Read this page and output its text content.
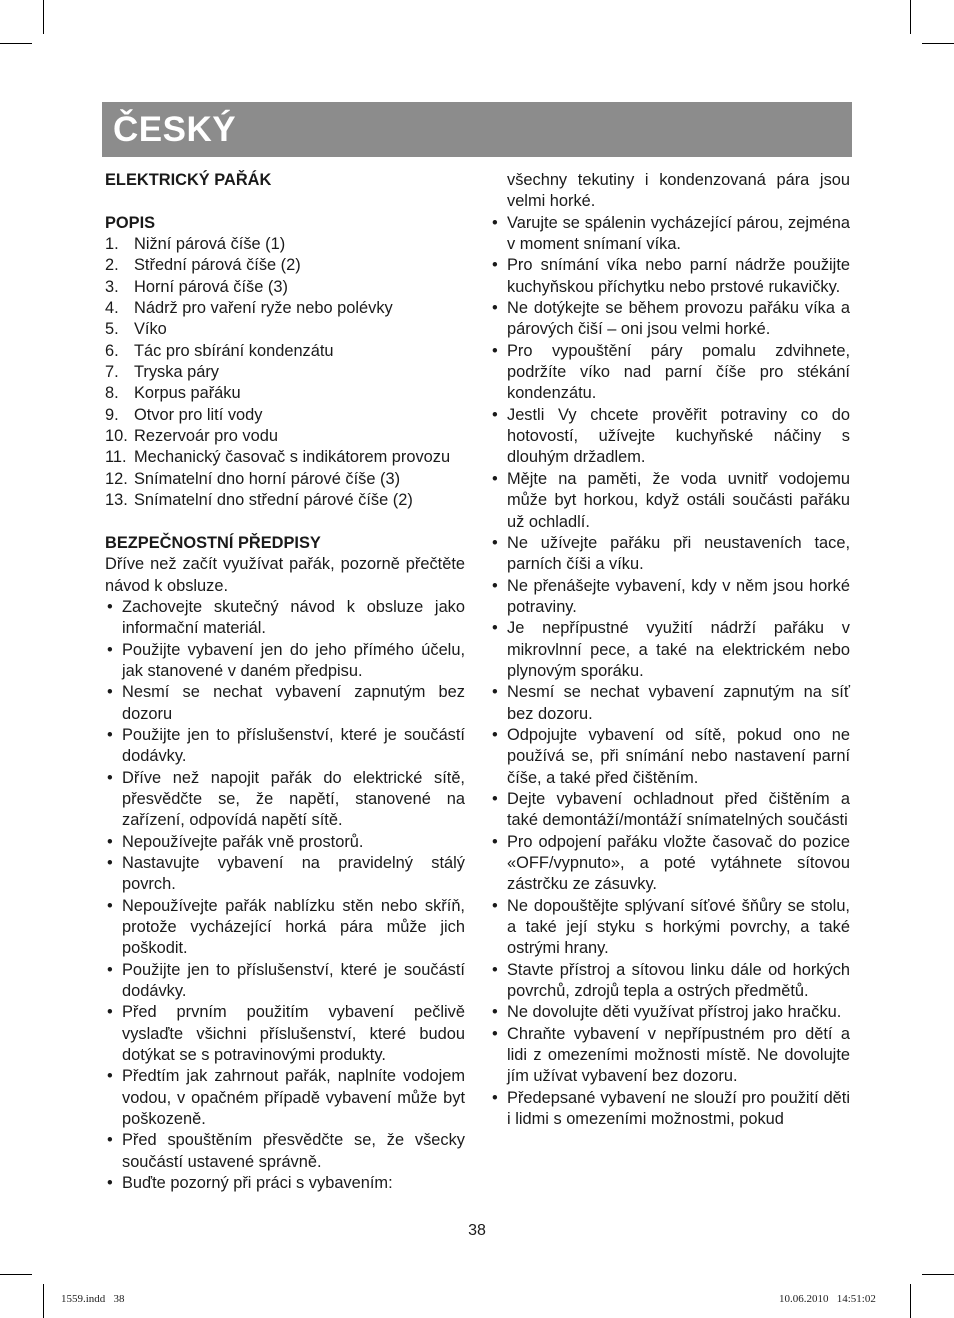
ČESKÝ

ELEKTRICKÝ PAŘÁK

POPIS

1. Nižní párová číše (1)
2. Střední párová číše (2)
3. Horní párová číše (3)
4. Nádrž pro vaření ryže nebo polévky
5. Víko
6. Tác pro sbírání kondenzátu
7. Tryska páry
8. Korpus pařáku
9. Otvor pro lití vody
10. Rezervoár pro vodu
11. Mechanický časovač s indikátorem provozu
12. Snímatelní dno horní párové číše (3)
13. Snímatelní dno střední párové číše (2)

BEZPEČNOSTNÍ PŘEDPISY

Dříve než začít využívat pařák, pozorně přečtěte návod k obsluze.

• Zachovejte skutečný návod k obsluze jako informační materiál.
• Použijte vybavení jen do jeho přímého účelu, jak stanovené v daném předpisu.
• Nesmí se nechat vybavení zapnutým bez dozoru
• Použijte jen to příslušenství, které je součástí dodávky.
• Dříve než napojit pařák do elektrické sítě, přesvědčte se, že napětí, stanovené na zařízení, odpovídá napětí sítě.
• Nepoužívejte pařák vně prostorů.
• Nastavujte vybavení na pravidelný stálý povrch.
• Nepoužívejte pařák nablízku stěn nebo skříň, protože vycházející horká pára může jich poškodit.
• Použijte jen to příslušenství, které je součástí dodávky.
• Před prvním použitím vybavení pečlivě vyslaďte všichni příslušenství, které budou dotýkat se s potravinovými produkty.
• Předtím jak zahrnout pařák, naplníte vodojem vodou, v opačném případě vybavení může byt poškozeně.
• Před spouštěním přesvědčte se, že všecky součástí ustavené správně.
• Buďte pozorný při práci s vybavením:

všechny tekutiny i kondenzovaná pára jsou velmi horké.

• Varujte se spálenin vycházející párou, zejména v moment snímaní víka.
• Pro snímání víka nebo parní nádrže použijte kuchyňskou příchytku nebo prstové rukavičky.
• Ne dotýkejte se během provozu pařáku víka a párových čiší – oni jsou velmi horké.
• Pro vypouštění páry pomalu zdvihnete, podržíte víko nad parní číše pro stékání kondenzátu.
• Jestli Vy chcete prověřit potraviny co do hotovostí, užívejte kuchyňské náčiny s dlouhým držadlem.
• Mějte na paměti, že voda uvnitř vodojemu může byt horkou, když ostáli součásti pařáku už ochladlí.
• Ne užívejte pařáku při neustaveních tace, parních číši a víku.
• Ne přenášejte vybavení, kdy v něm jsou horké potraviny.
• Je nepřípustné využití nádrží pařáku v mikrovlnní pece, a také na elektrickém nebo plynovým sporáku.
• Nesmí se nechat vybavení zapnutým na síť bez dozoru.
• Odpojujte vybavení od sítě, pokud ono ne používá se, při snímání nebo nastavení parní číše, a také před čištěním.
• Dejte vybavení ochladnout před čištěním a také demontáží/montáží snímatelných součásti
• Pro odpojení pařáku vložte časovač do pozice «OFF/vypnuto», a poté vytáhnete sítovou zástrčku ze zásuvky.
• Ne dopouštějte splývaní síťové šňůry se stolu, a také její styku s horkými povrchy, a také ostrými hrany.
• Stavte přístroj a sítovou linku dále od horkých povrchů, zdrojů tepla a ostrých předmětů.
• Ne dovolujte děti využívat přístroj jako hračku.
• Chraňte vybavení v nepřípustném pro dětí a lidi z omezeními možnosti místě. Ne dovolujte jím užívat vybavení bez dozoru.
• Předepsané vybavení ne slouží pro použití děti i lidmi s omezeními možnostmi, pokud
38
1559.indd   38	10.06.2010   14:51:02
